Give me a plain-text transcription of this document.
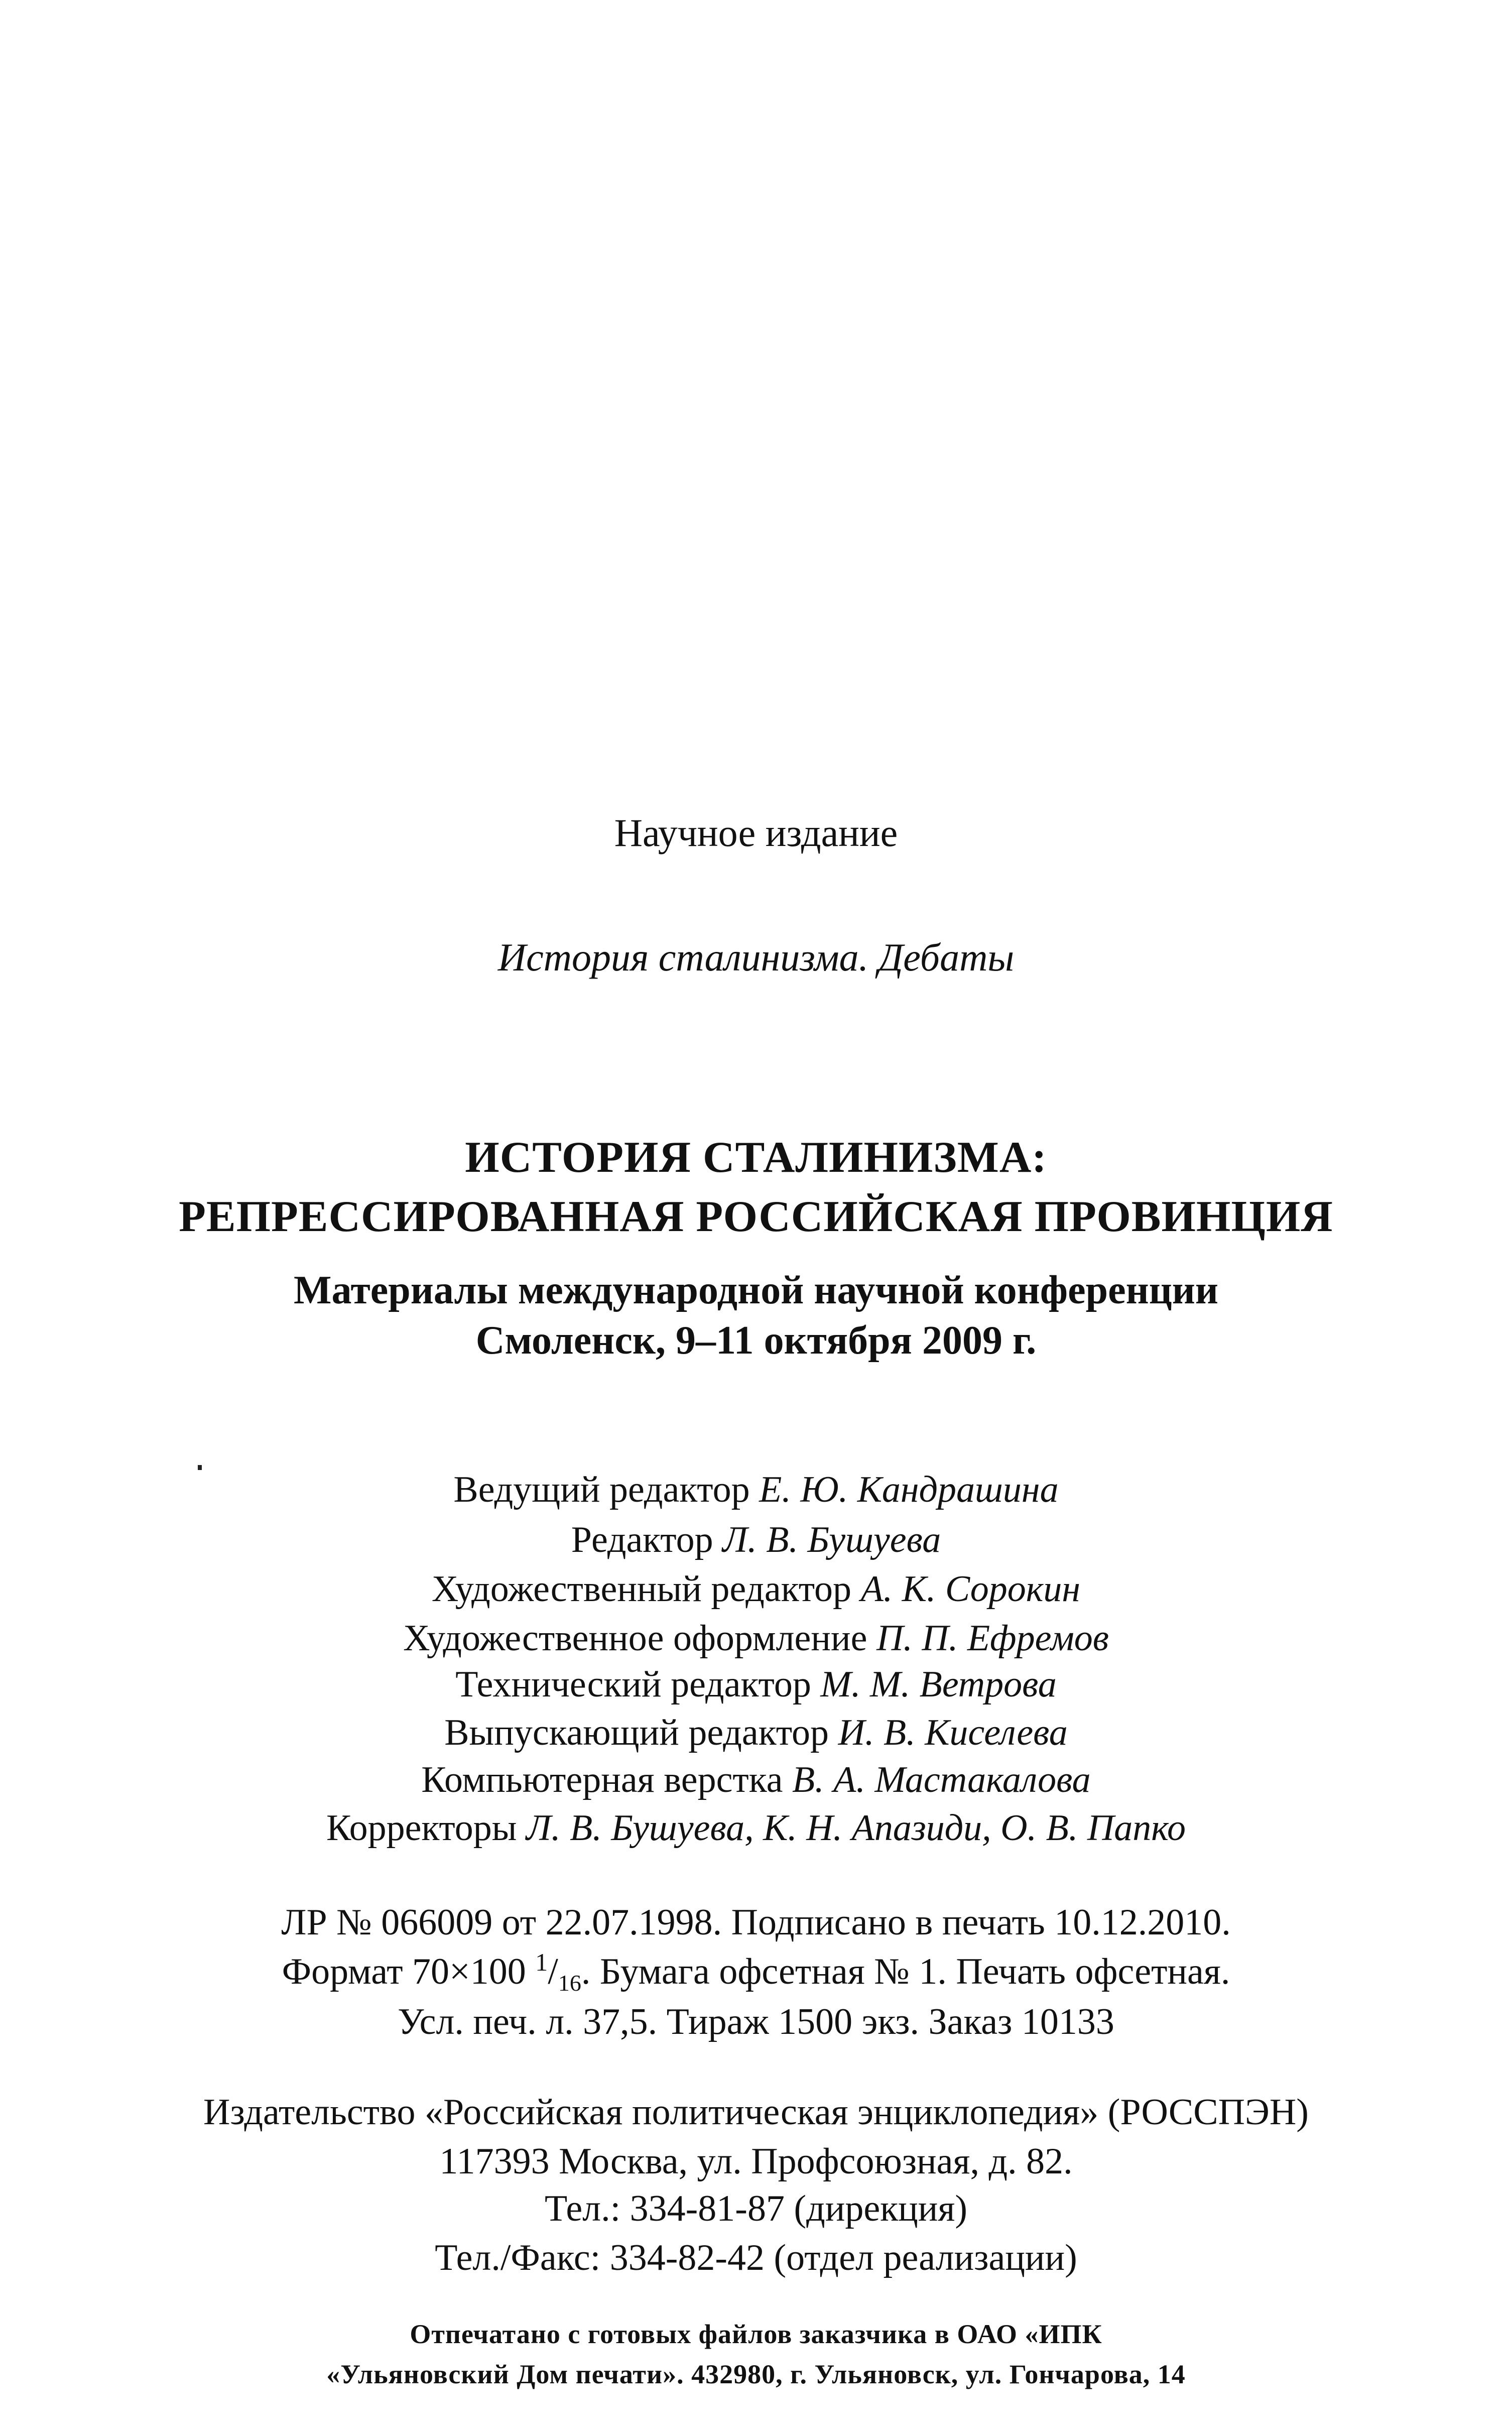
Научное издание
История сталинизма. Дебаты
ИСТОРИЯ СТАЛИНИЗМА:
РЕПРЕССИРОВАННАЯ РОССИЙСКАЯ ПРОВИНЦИЯ
Материалы международной научной конференции
Смоленск, 9–11 октября 2009 г.
Ведущий редактор Е. Ю. Кандрашина
Редактор Л. В. Бушуева
Художественный редактор А. К. Сорокин
Художественное оформление П. П. Ефремов
Технический редактор М. М. Ветрова
Выпускающий редактор И. В. Киселева
Компьютерная верстка В. А. Мастакалова
Корректоры Л. В. Бушуева, К. Н. Апазиди, О. В. Папко
ЛР № 066009 от 22.07.1998. Подписано в печать 10.12.2010.
Формат 70×100 $^1$/16. Бумага офсетная № 1. Печать офсетная.
Усл. печ. л. 37,5. Тираж 1500 экз. Заказ 10133
Издательство «Российская политическая энциклопедия» (РОССПЭН)
117393 Москва, ул. Профсоюзная, д. 82.
Тел.: 334-81-87 (дирекция)
Тел./Факс: 334-82-42 (отдел реализации)
Отпечатано с готовых файлов заказчика в ОАО «ИПК
«Ульяновский Дом печати». 432980, г. Ульяновск, ул. Гончарова, 14
